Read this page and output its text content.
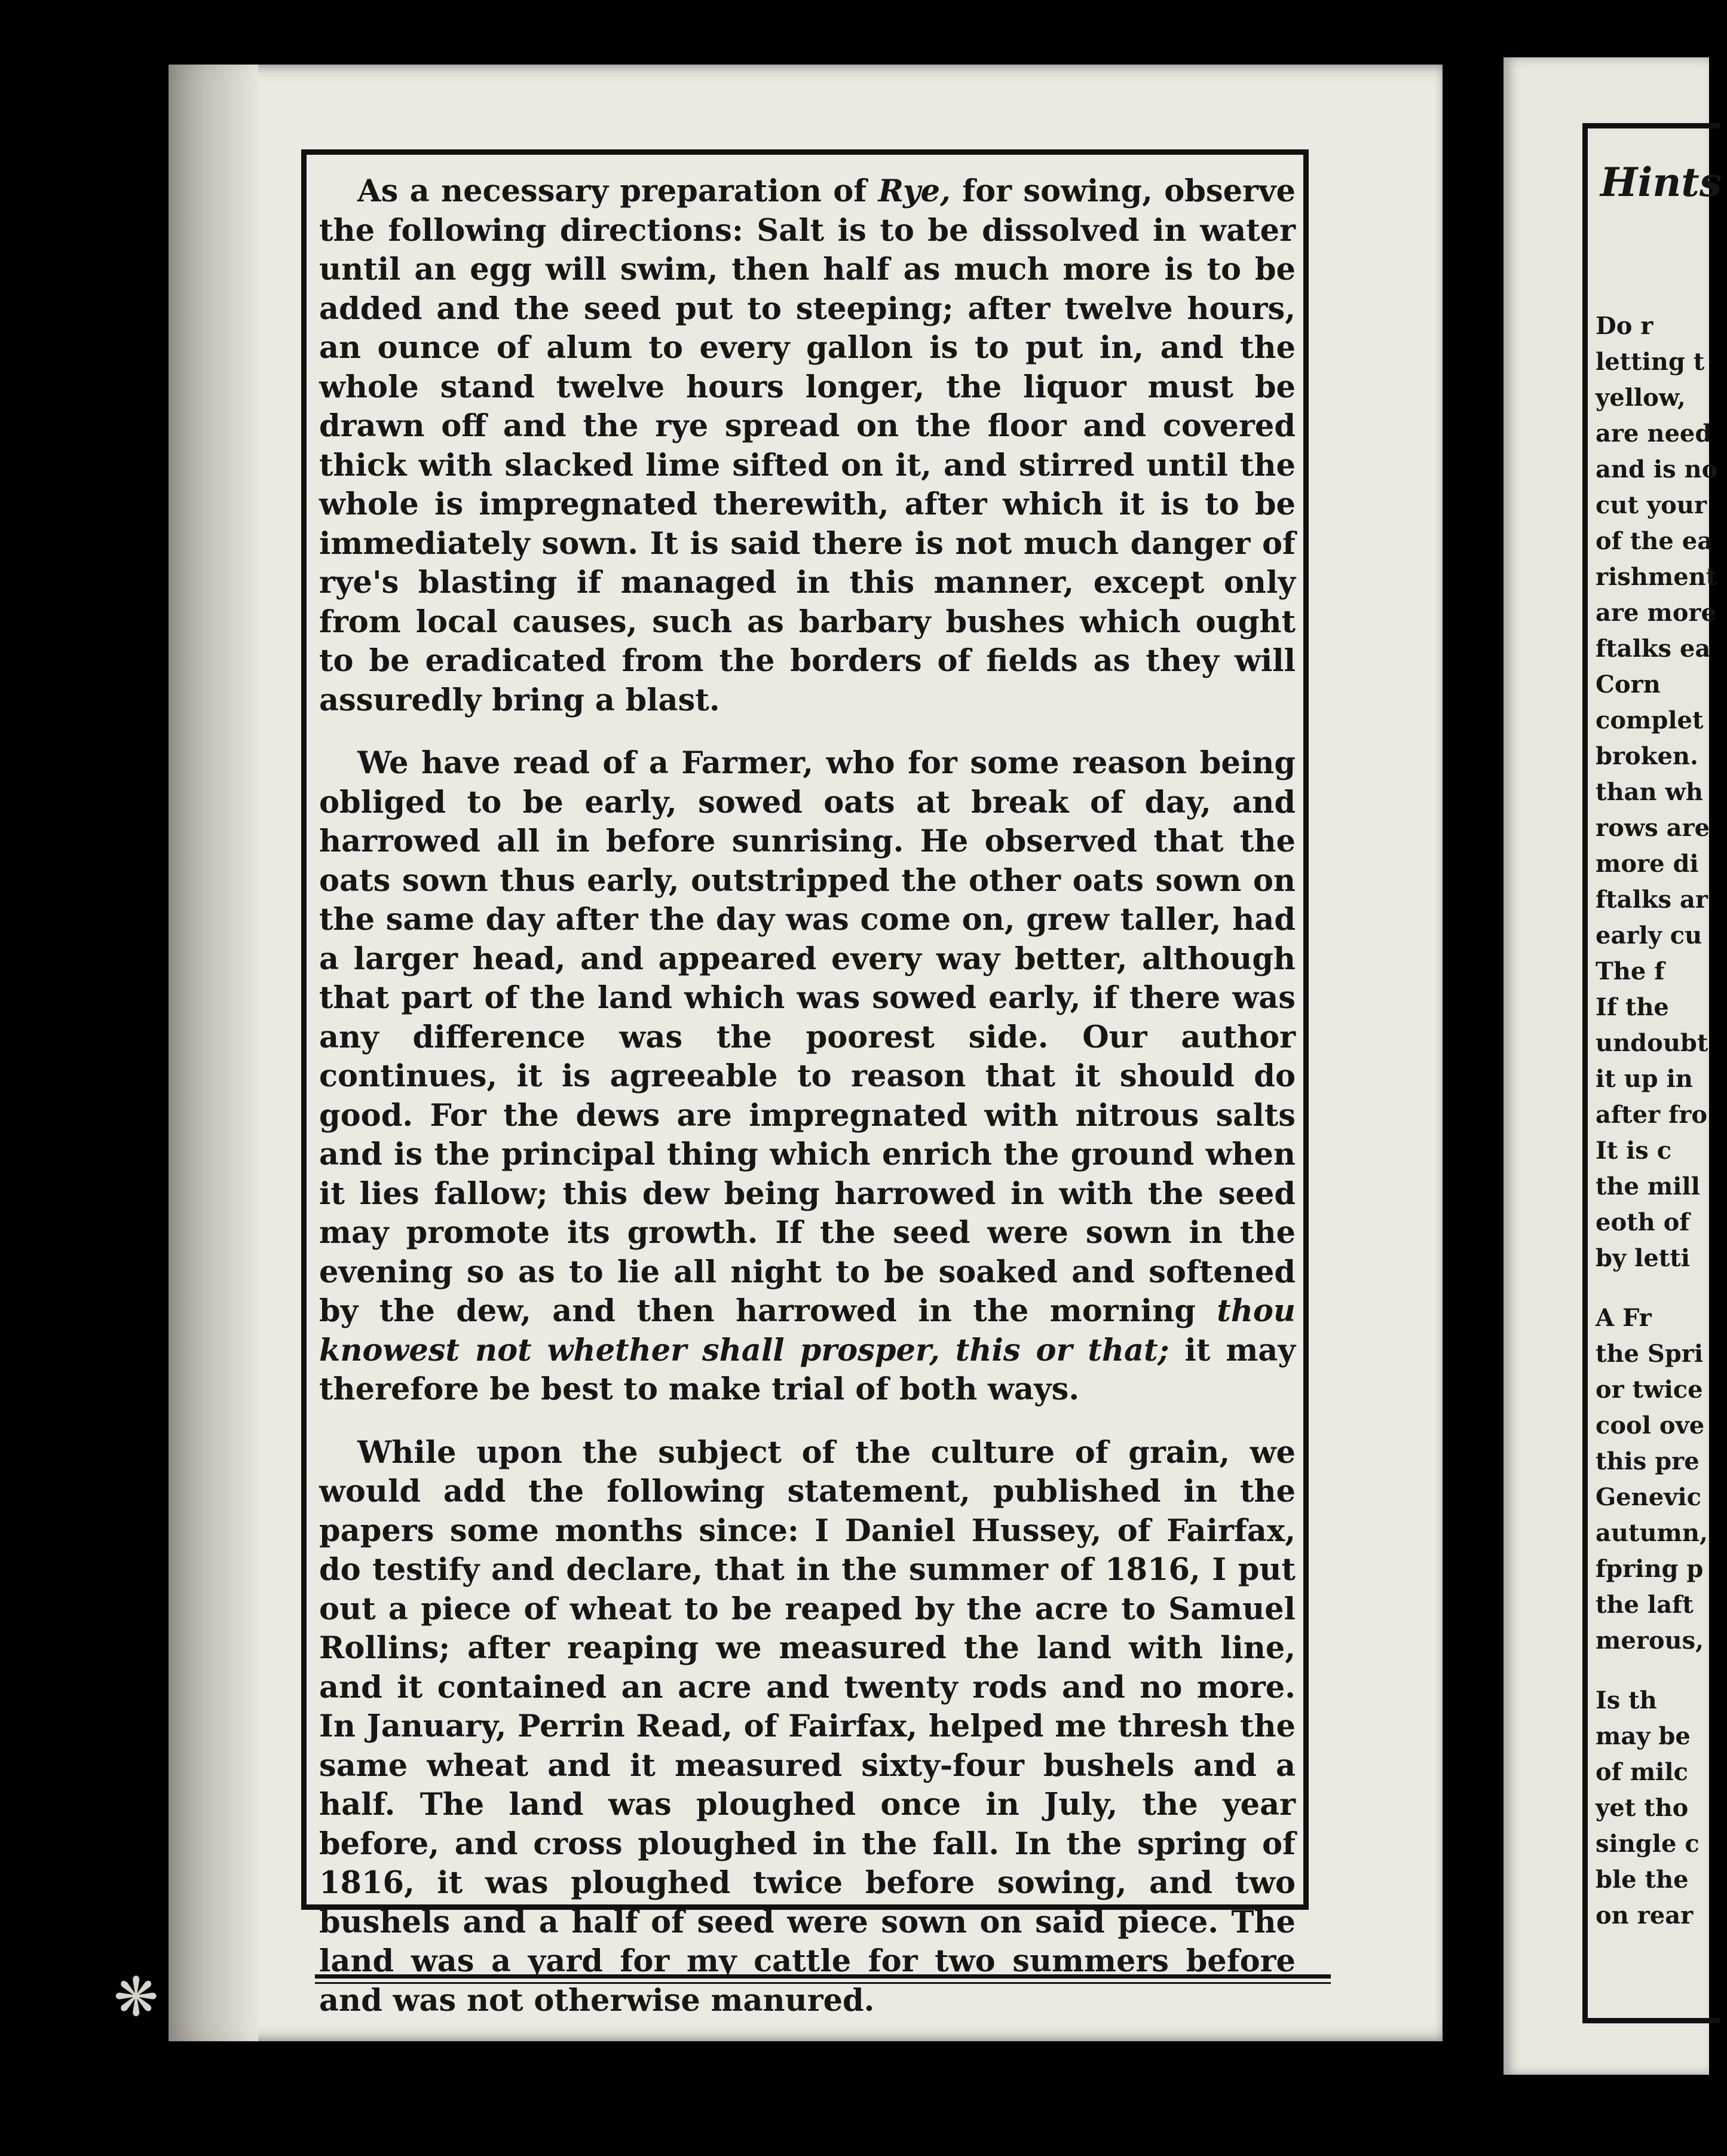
As a necessary preparation of Rye, for sowing, observe the following directions: Salt is to be dissolved in water until an egg will swim, then half as much more is to be added and the seed put to steeping; after twelve hours, an ounce of alum to every gallon is to put in, and the whole stand twelve hours longer, the liquor must be drawn off and the rye spread on the floor and covered thick with slacked lime sifted on it, and stirred until the whole is impregnated therewith, after which it is to be immediately sown. It is said there is not much danger of rye's blasting if managed in this manner, except only from local causes, such as barbary bushes which ought to be eradicated from the borders of fields as they will assuredly bring a blast.

We have read of a Farmer, who for some reason being obliged to be early, sowed oats at break of day, and harrowed all in before sunrising. He observed that the oats sown thus early, outstripped the other oats sown on the same day after the day was come on, grew taller, had a larger head, and appeared every way better, although that part of the land which was sowed early, if there was any difference was the poorest side. Our author continues, it is agreeable to reason that it should do good. For the dews are impregnated with nitrous salts and is the principal thing which enrich the ground when it lies fallow; this dew being harrowed in with the seed may promote its growth. If the seed were sown in the evening so as to lie all night to be soaked and softened by the dew, and then harrowed in the morning thou knowest not whether shall prosper, this or that; it may therefore be best to make trial of both ways.

While upon the subject of the culture of grain, we would add the following statement, published in the papers some months since: I Daniel Hussey, of Fairfax, do testify and declare, that in the summer of 1816, I put out a piece of wheat to be reaped by the acre to Samuel Rollins; after reaping we measured the land with line, and it contained an acre and twenty rods and no more. In January, Perrin Read, of Fairfax, helped me thresh the same wheat and it measured sixty-four bushels and a half. The land was ploughed once in July, the year before, and cross ploughed in the fall. In the spring of 1816, it was ploughed twice before sowing, and two bushels and a half of seed were sown on said piece. The land was a yard for my cattle for two summers before and was not otherwise manured.

Hints
Do r
letting t
yellow,
are need
and is no
cut your
of the ea
rishment
are more
ftalks ea
Corn
complet
broken.
than wh
rows are
more di
ftalks ar
early cu
The f
If the
undoubt
it up in
after fro
It is c
the mill
eoth of
by letti
A Fr
the Spri
or twice
cool ove
this pre
Genevic
autumn,
fpring p
the laft
merous,
Is th
may be
of milc
yet tho
single c
ble the
on rear
❋
